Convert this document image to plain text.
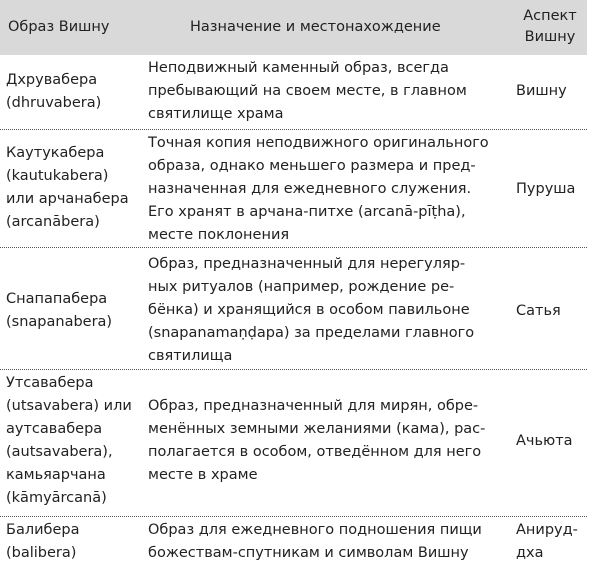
Образ Вишну	Назначение и местонахождение
Аспект
Вишну
Дхрувабера
(dhruvabera)
Неподвижный каменный образ, всегда
пребывающий на своем месте, в главном
святилище храма
Вишну
Каутукабера
(kautukabera)
или арчанабера
(arcanābera)
Точная копия неподвижного оригинального
образа, однако меньшего размера и пред-
назначенная для ежедневного служения.
Его хранят в арчана-питхе (arcanā-pīṭha),
месте поклонения
Пуруша
Снапапабера
(snapanabera)
Образ, предназначенный для нерегуляр-
ных ритуалов (например, рождение ре-
бёнка) и хранящийся в особом павильоне
(snapanamaṇḍapa) за пределами главного
святилища
Сатья
Утсавабера
(utsavabera) или
аутсавабера
(autsavabera),
камьяарчана
(kāmyārcanā)
Образ, предназначенный для мирян, обре-
менённых земными желаниями (кама), рас-
полагается в особом, отведённом для него
месте в храме
Ачьюта
Балибера
(balibera)
Образ для ежедневного подношения пищи
божествам-спутникам и символам Вишну
Анируд-
дха
